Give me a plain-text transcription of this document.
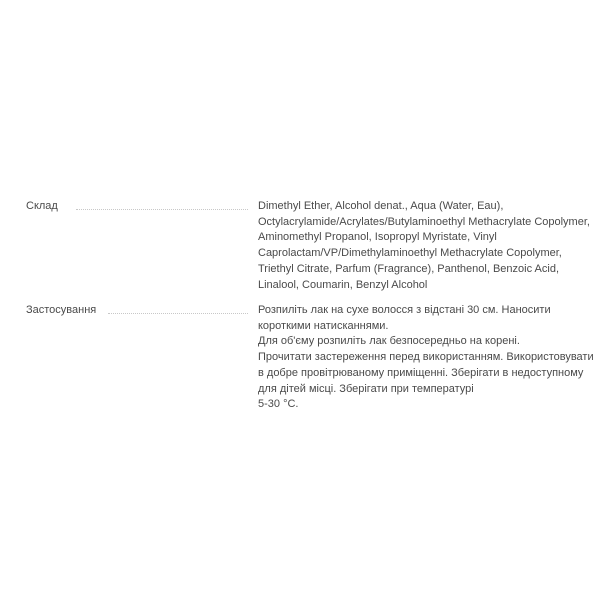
Склад	Dimethyl Ether, Alcohol denat., Aqua (Water, Eau),
Octylacrylamide/Acrylates/Butylaminoethyl Methacrylate Copolymer,
Aminomethyl Propanol, Isopropyl Myristate, Vinyl
Caprolactam/VP/Dimethylaminoethyl Methacrylate Copolymer,
Triethyl Citrate, Parfum (Fragrance), Panthenol, Benzoic Acid,
Linalool, Coumarin, Benzyl Alcohol
Застосування	Розпиліть лак на сухе волосся з відстані 30 см. Наносити
короткими натисканнями.
Для об'єму розпиліть лак безпосередньо на корені.
Прочитати застереження перед використанням. Використовувати
в добре провітрюваному приміщенні. Зберігати в недоступному
для дітей місці. Зберігати при температурі
5-30 °C.
